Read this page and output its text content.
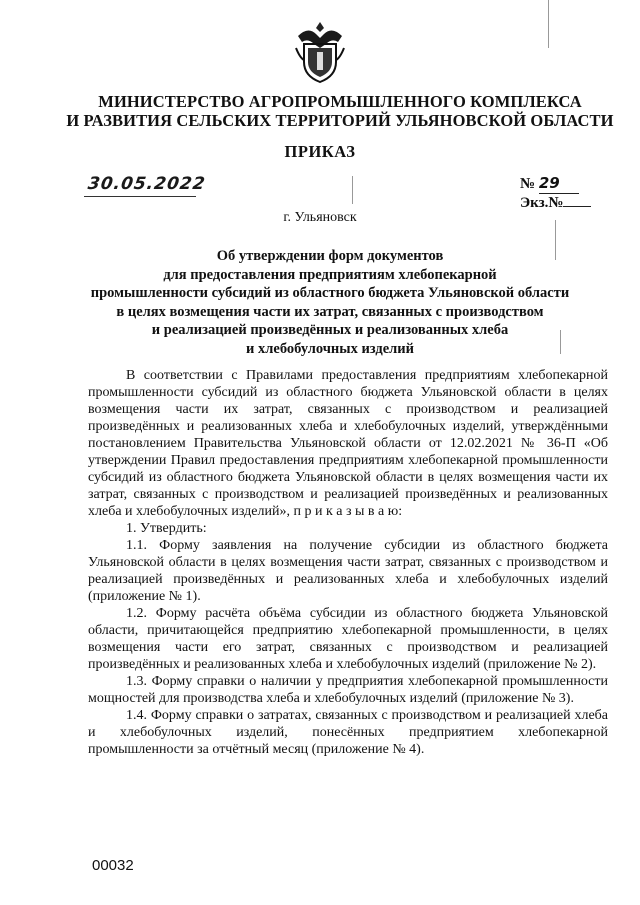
МИНИСТЕРСТВО АГРОПРОМЫШЛЕННОГО КОМПЛЕКСА
И РАЗВИТИЯ СЕЛЬСКИХ ТЕРРИТОРИЙ УЛЬЯНОВСКОЙ ОБЛАСТИ
ПРИКАЗ
30.05.2022	№ 29
Экз.№
г. Ульяновск
Об утверждении форм документов
для предоставления предприятиям хлебопекарной
промышленности субсидий из областного бюджета Ульяновской области
в целях возмещения части их затрат, связанных с производством
и реализацией произведённых и реализованных хлеба
и хлебобулочных изделий

В соответствии с Правилами предоставления предприятиям хлебопекарной промышленности субсидий из областного бюджета Ульяновской области в целях возмещения части их затрат, связанных с производством и реализацией произведённых и реализованных хлеба и хлебобулочных изделий, утверждёнными постановлением Правительства Ульяновской области от 12.02.2021 № 36-П «Об утверждении Правил предоставления предприятиям хлебопекарной промышленности субсидий из областного бюджета Ульяновской области в целях возмещения части их затрат, связанных с производством и реализацией произведённых и реализованных хлеба и хлебобулочных изделий», п р и к а з ы в а ю:

1. Утвердить:

1.1. Форму заявления на получение субсидии из областного бюджета Ульяновской области в целях возмещения части затрат, связанных с производством и реализацией произведённых и реализованных хлеба и хлебобулочных изделий (приложение № 1).

1.2. Форму расчёта объёма субсидии из областного бюджета Ульяновской области, причитающейся предприятию хлебопекарной промышленности, в целях возмещения части его затрат, связанных с производством и реализацией произведённых и реализованных хлеба и хлебобулочных изделий (приложение № 2).

1.3. Форму справки о наличии у предприятия хлебопекарной промышленности мощностей для производства хлеба и хлебобулочных изделий (приложение № 3).

1.4. Форму справки о затратах, связанных с производством и реализацией хлеба и хлебобулочных изделий, понесённых предприятием хлебопекарной промышленности за отчётный месяц (приложение № 4).

00032
